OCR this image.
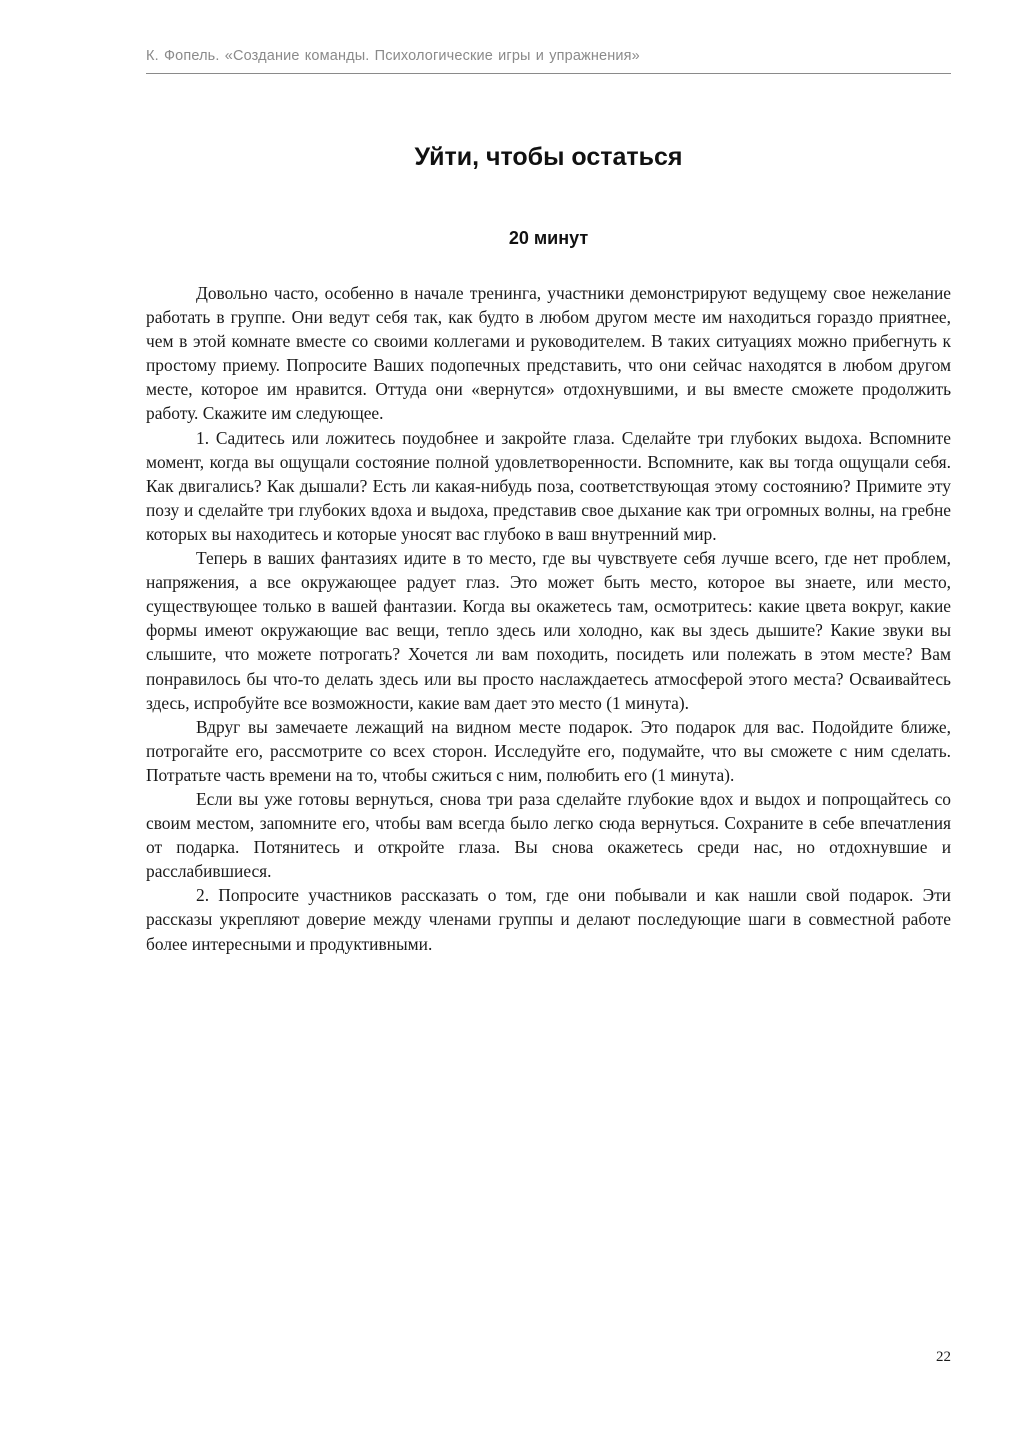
К. Фопель. «Создание команды. Психологические игры и упражнения»
Уйти, чтобы остаться
20 минут

Довольно часто, особенно в начале тренинга, участники демонстрируют ведущему свое нежелание работать в группе. Они ведут себя так, как будто в любом другом месте им находиться гораздо приятнее, чем в этой комнате вместе со своими коллегами и руководителем. В таких ситуациях можно прибегнуть к простому приему. Попросите Ваших подопечных представить, что они сейчас находятся в любом другом месте, которое им нравится. Оттуда они «вернутся» отдохнувшими, и вы вместе сможете продолжить работу. Скажите им следующее.

1. Садитесь или ложитесь поудобнее и закройте глаза. Сделайте три глубоких выдоха. Вспомните момент, когда вы ощущали состояние полной удовлетворенности. Вспомните, как вы тогда ощущали себя. Как двигались? Как дышали? Есть ли какая-нибудь поза, соответствующая этому состоянию? Примите эту позу и сделайте три глубоких вдоха и выдоха, представив свое дыхание как три огромных волны, на гребне которых вы находитесь и которые уносят вас глубоко в ваш внутренний мир.

Теперь в ваших фантазиях идите в то место, где вы чувствуете себя лучше всего, где нет проблем, напряжения, а все окружающее радует глаз. Это может быть место, которое вы знаете, или место, существующее только в вашей фантазии. Когда вы окажетесь там, осмотритесь: какие цвета вокруг, какие формы имеют окружающие вас вещи, тепло здесь или холодно, как вы здесь дышите? Какие звуки вы слышите, что можете потрогать? Хочется ли вам походить, посидеть или полежать в этом месте? Вам понравилось бы что-то делать здесь или вы просто наслаждаетесь атмосферой этого места? Осваивайтесь здесь, испробуйте все возможности, какие вам дает это место (1 минута).

Вдруг вы замечаете лежащий на видном месте подарок. Это подарок для вас. Подойдите ближе, потрогайте его, рассмотрите со всех сторон. Исследуйте его, подумайте, что вы сможете с ним сделать. Потратьте часть времени на то, чтобы сжиться с ним, полюбить его (1 минута).

Если вы уже готовы вернуться, снова три раза сделайте глубокие вдох и выдох и попрощайтесь со своим местом, запомните его, чтобы вам всегда было легко сюда вернуться. Сохраните в себе впечатления от подарка. Потянитесь и откройте глаза. Вы снова окажетесь среди нас, но отдохнувшие и расслабившиеся.

2. Попросите участников рассказать о том, где они побывали и как нашли свой подарок. Эти рассказы укрепляют доверие между членами группы и делают последующие шаги в совместной работе более интересными и продуктивными.

22
